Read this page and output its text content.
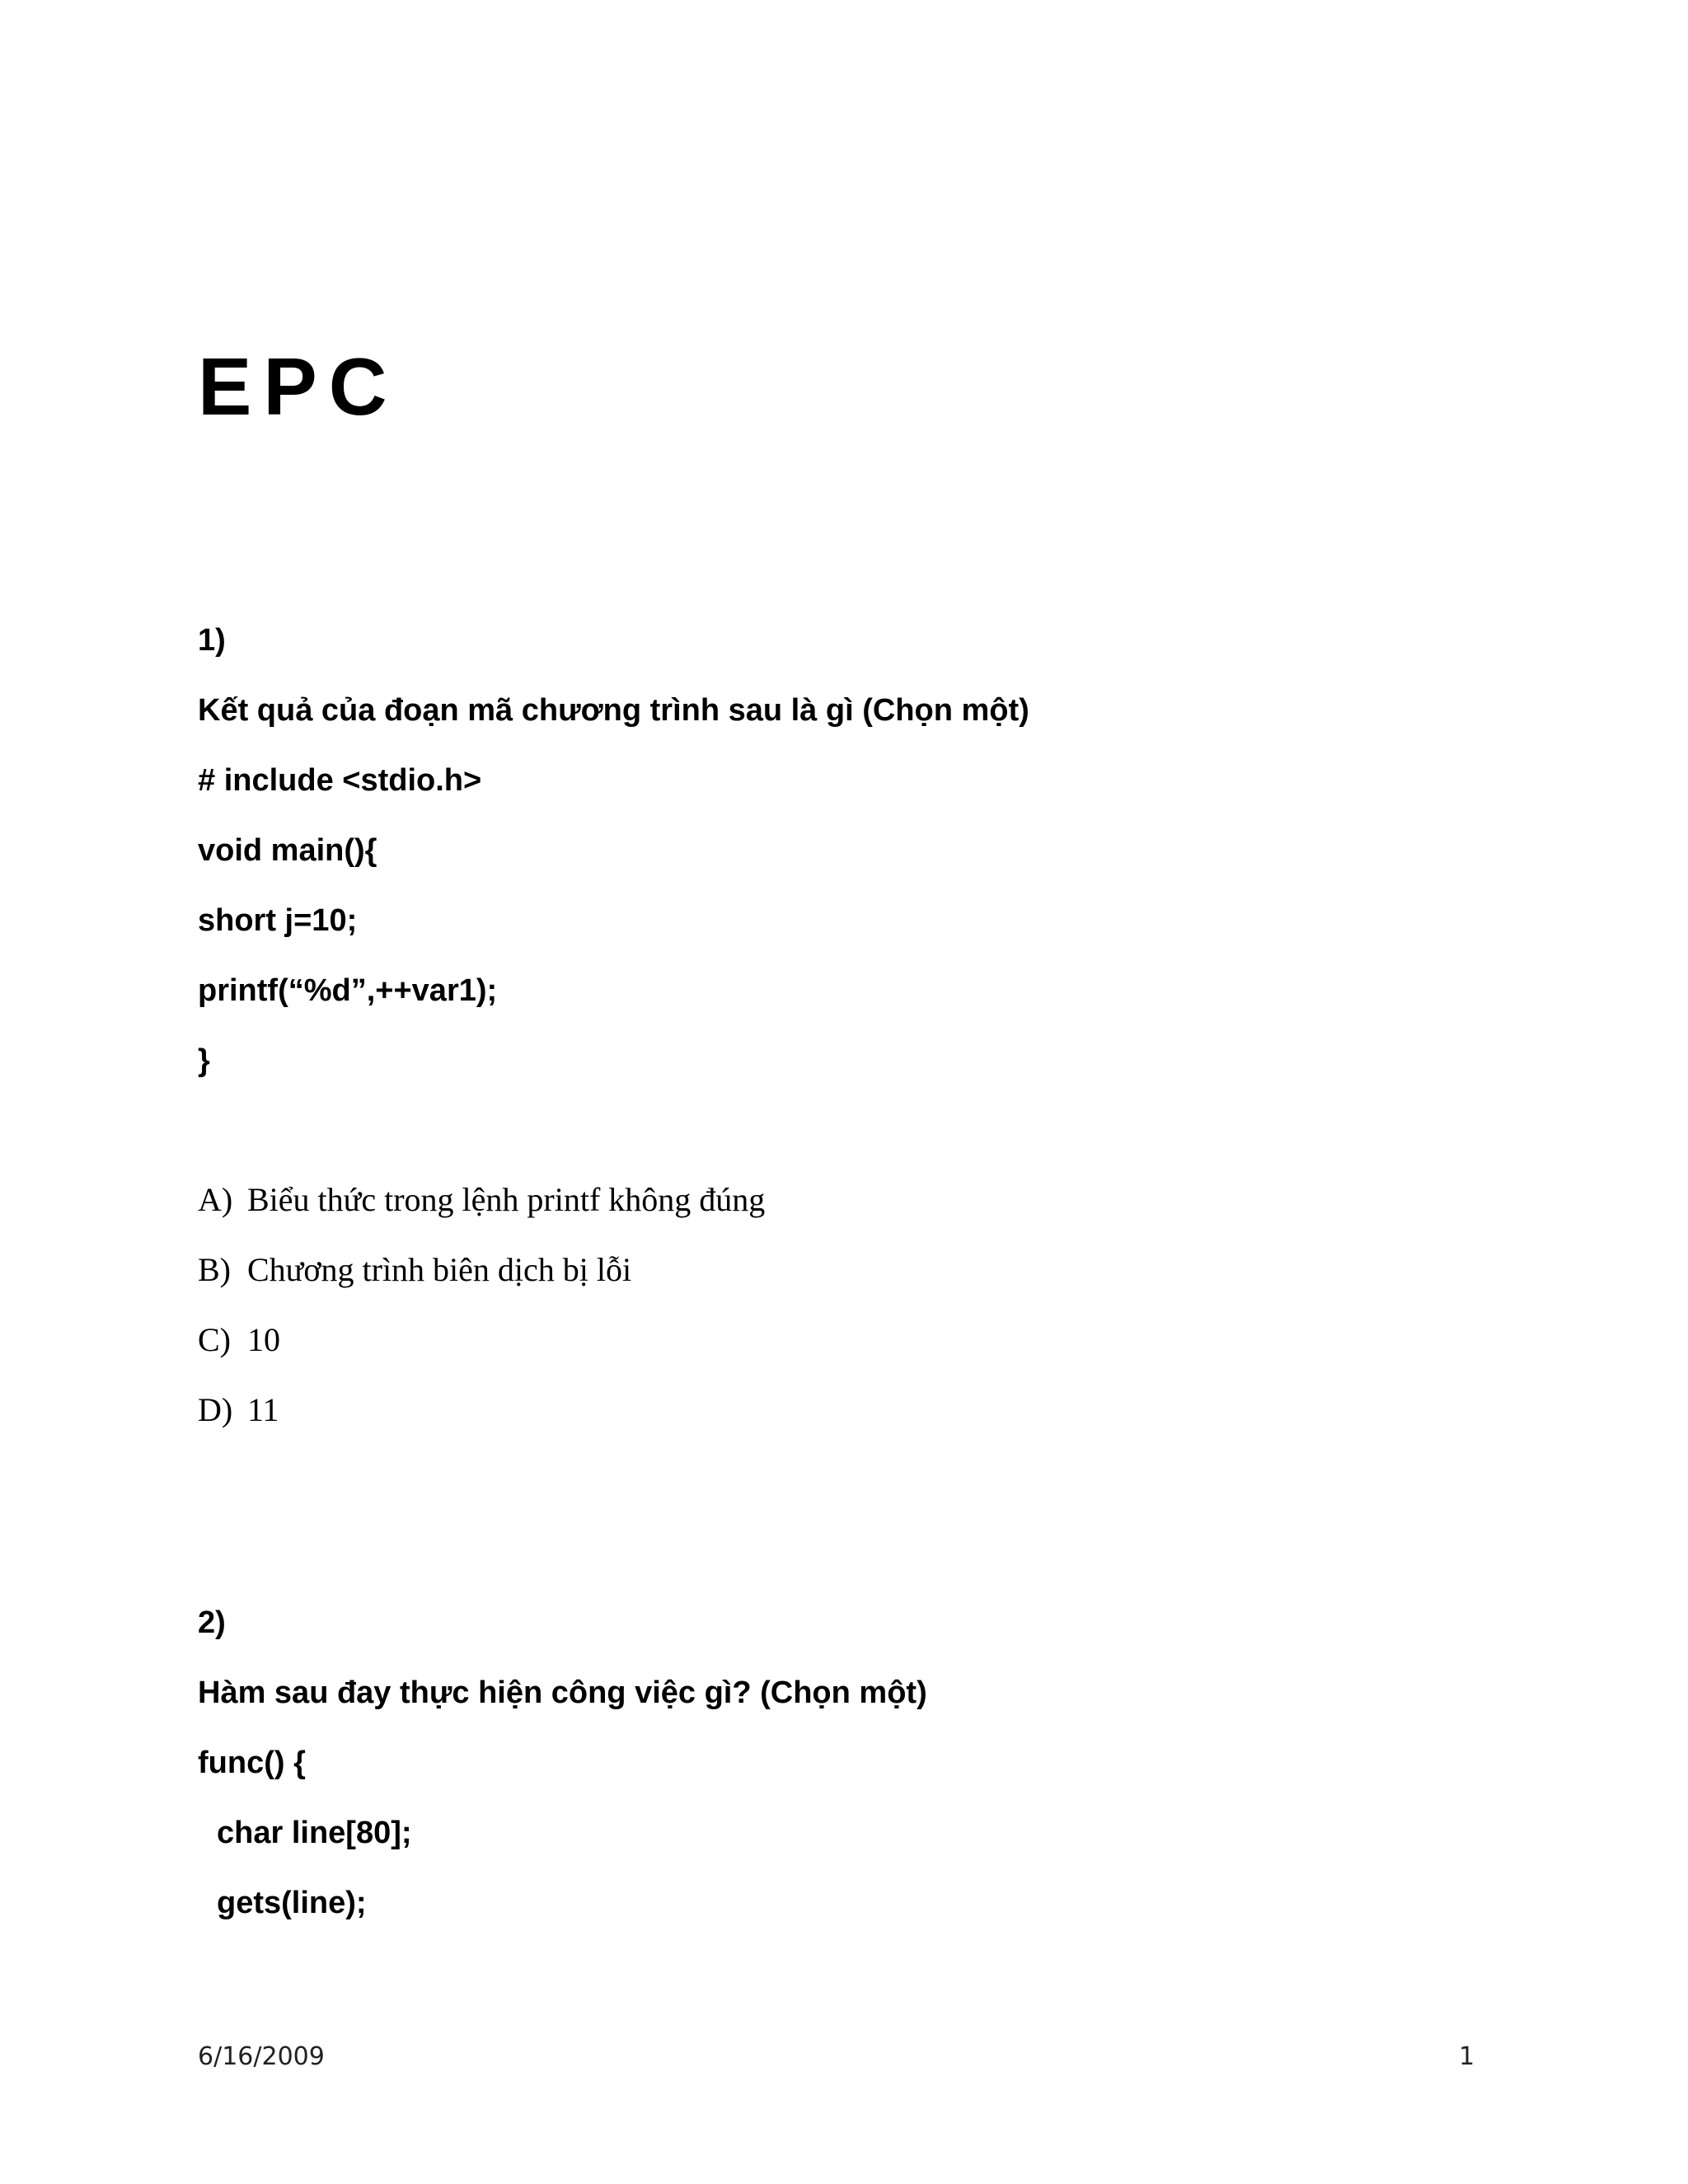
EPC

1)

Kết quả của đoạn mã chương trình sau là gì (Chọn một)

# include <stdio.h>

void main(){

short j=10;

printf(“%d”,++var1);

}

A) Biểu thức trong lệnh printf không đúng

B) Chương trình biên dịch bị lỗi

C) 10

D) 11

2)

Hàm sau đay thực hiện công việc gì? (Chọn một)

func() {

char line[80];

gets(line);

6/16/2009	1
